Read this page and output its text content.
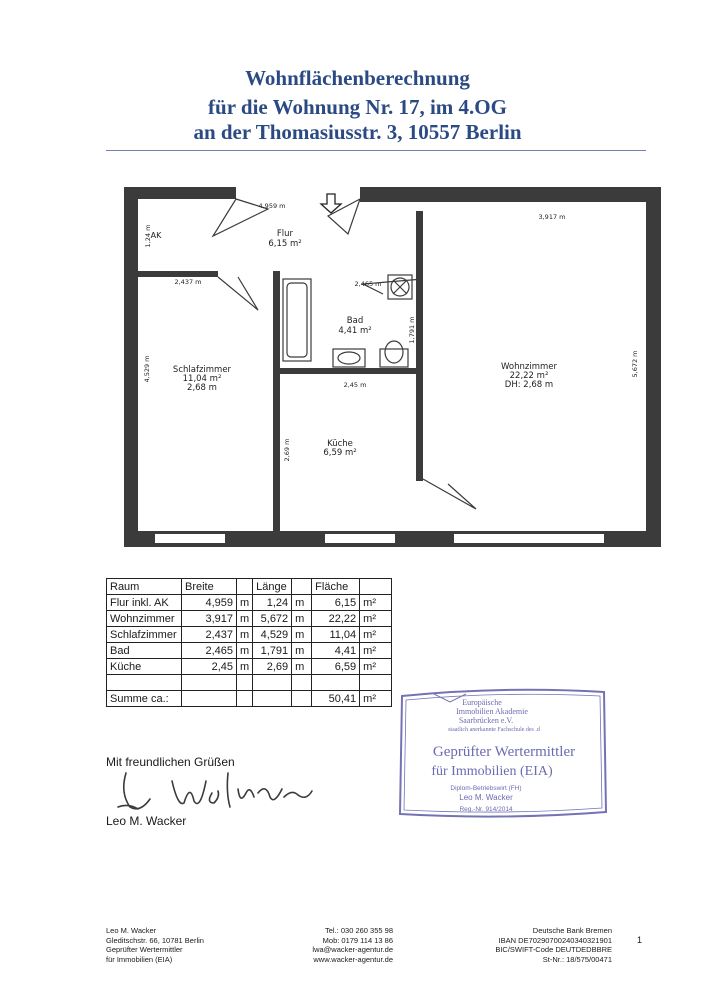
Wohnflächenberechnung
für die Wohnung Nr. 17, im 4.OG
an der Thomasiusstr. 3, 10557 Berlin
AK	Flur
6,15 m²
Bad
4,41 m²
Schlafzimmer
11,04 m²
2,68 m
Wohnzimmer
22,22 m²
DH: 2,68 m
Küche
6,59 m²
4,959 m
3,917 m
2,437 m	2,465 m
2,45 m
1,24 m
4,529 m
1,791 m
2,69 m
5,672 m
Raum	Breite		Länge		Fläche	
Flur inkl. AK	4,959	m	1,24	m	6,15	m²
Wohnzimmer	3,917	m	5,672	m	22,22	m²
Schlafzimmer	2,437	m	4,529	m	11,04	m²
Bad	2,465	m	1,791	m	4,41	m²
Küche	2,45	m	2,69	m	6,59	m²

Summe ca.:					50,41	m²	Europäische
Immobilien Akademie
Saarbrücken e.V.
staatlich anerkannte Fachschule des .d
Geprüfter Wertermittler
für Immobilien (EIA)
Diplom-Betriebswirt (FH)
Leo M. Wacker
Reg.-Nr. 914/2014
Mit freundlichen Grüßen
Leo M. Wacker
Leo M. Wacker
Gleditschstr. 66, 10781 Berlin
Geprüfter Wertermittler
für Immobilien (EIA)
Tel.: 030 260 355 98
Mob: 0179 114 13 86
lwa@wacker-agentur.de
www.wacker-agentur.de
Deutsche Bank Bremen
IBAN DE70290700240340321901
BIC/SWIFT-Code DEUTDEDBBRE
St-Nr.: 18/575/00471
1
